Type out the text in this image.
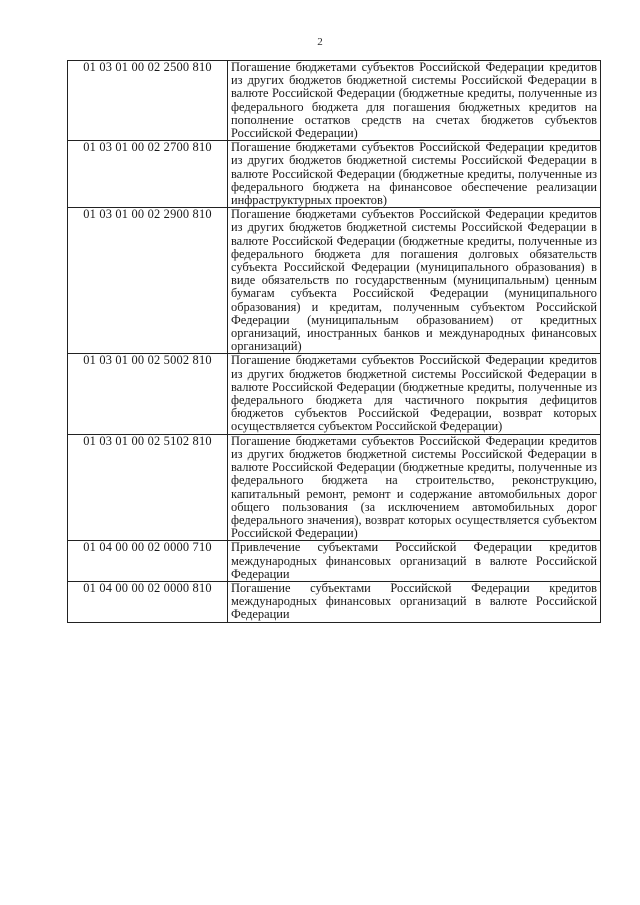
2
01 03 01 00 02 2500 810	Погашение бюджетами субъектов Российской Федерации кредитов из других бюджетов бюджетной системы Российской Федерации в валюте Российской Федерации (бюджетные кредиты, полученные из федерального бюджета для погашения бюджетных кредитов на пополнение остатков средств на счетах бюджетов субъектов Российской Федерации)
01 03 01 00 02 2700 810	Погашение бюджетами субъектов Российской Федерации кредитов из других бюджетов бюджетной системы Российской Федерации в валюте Российской Федерации (бюджетные кредиты, полученные из федерального бюджета на финансовое обеспечение реализации инфраструктурных проектов)
01 03 01 00 02 2900 810	Погашение бюджетами субъектов Российской Федерации кредитов из других бюджетов бюджетной системы Российской Федерации в валюте Российской Федерации (бюджетные кредиты, полученные из федерального бюджета для погашения долговых обязательств субъекта Российской Федерации (муниципального образования) в виде обязательств по государственным (муниципальным) ценным бумагам субъекта Российской Федерации (муниципального образования) и кредитам, полученным субъектом Российской Федерации (муниципальным образованием) от кредитных организаций, иностранных банков и международных финансовых организаций)
01 03 01 00 02 5002 810	Погашение бюджетами субъектов Российской Федерации кредитов из других бюджетов бюджетной системы Российской Федерации в валюте Российской Федерации (бюджетные кредиты, полученные из федерального бюджета для частичного покрытия дефицитов бюджетов субъектов Российской Федерации, возврат которых осуществляется субъектом Российской Федерации)
01 03 01 00 02 5102 810	Погашение бюджетами субъектов Российской Федерации кредитов из других бюджетов бюджетной системы Российской Федерации в валюте Российской Федерации (бюджетные кредиты, полученные из федерального бюджета на строительство, реконструкцию, капитальный ремонт, ремонт и содержание автомобильных дорог общего пользования (за исключением автомобильных дорог федерального значения), возврат которых осуществляется субъектом Российской Федерации)
01 04 00 00 02 0000 710	Привлечение субъектами Российской Федерации кредитов международных финансовых организаций в валюте Российской Федерации
01 04 00 00 02 0000 810	Погашение субъектами Российской Федерации кредитов международных финансовых организаций в валюте Российской Федерации
